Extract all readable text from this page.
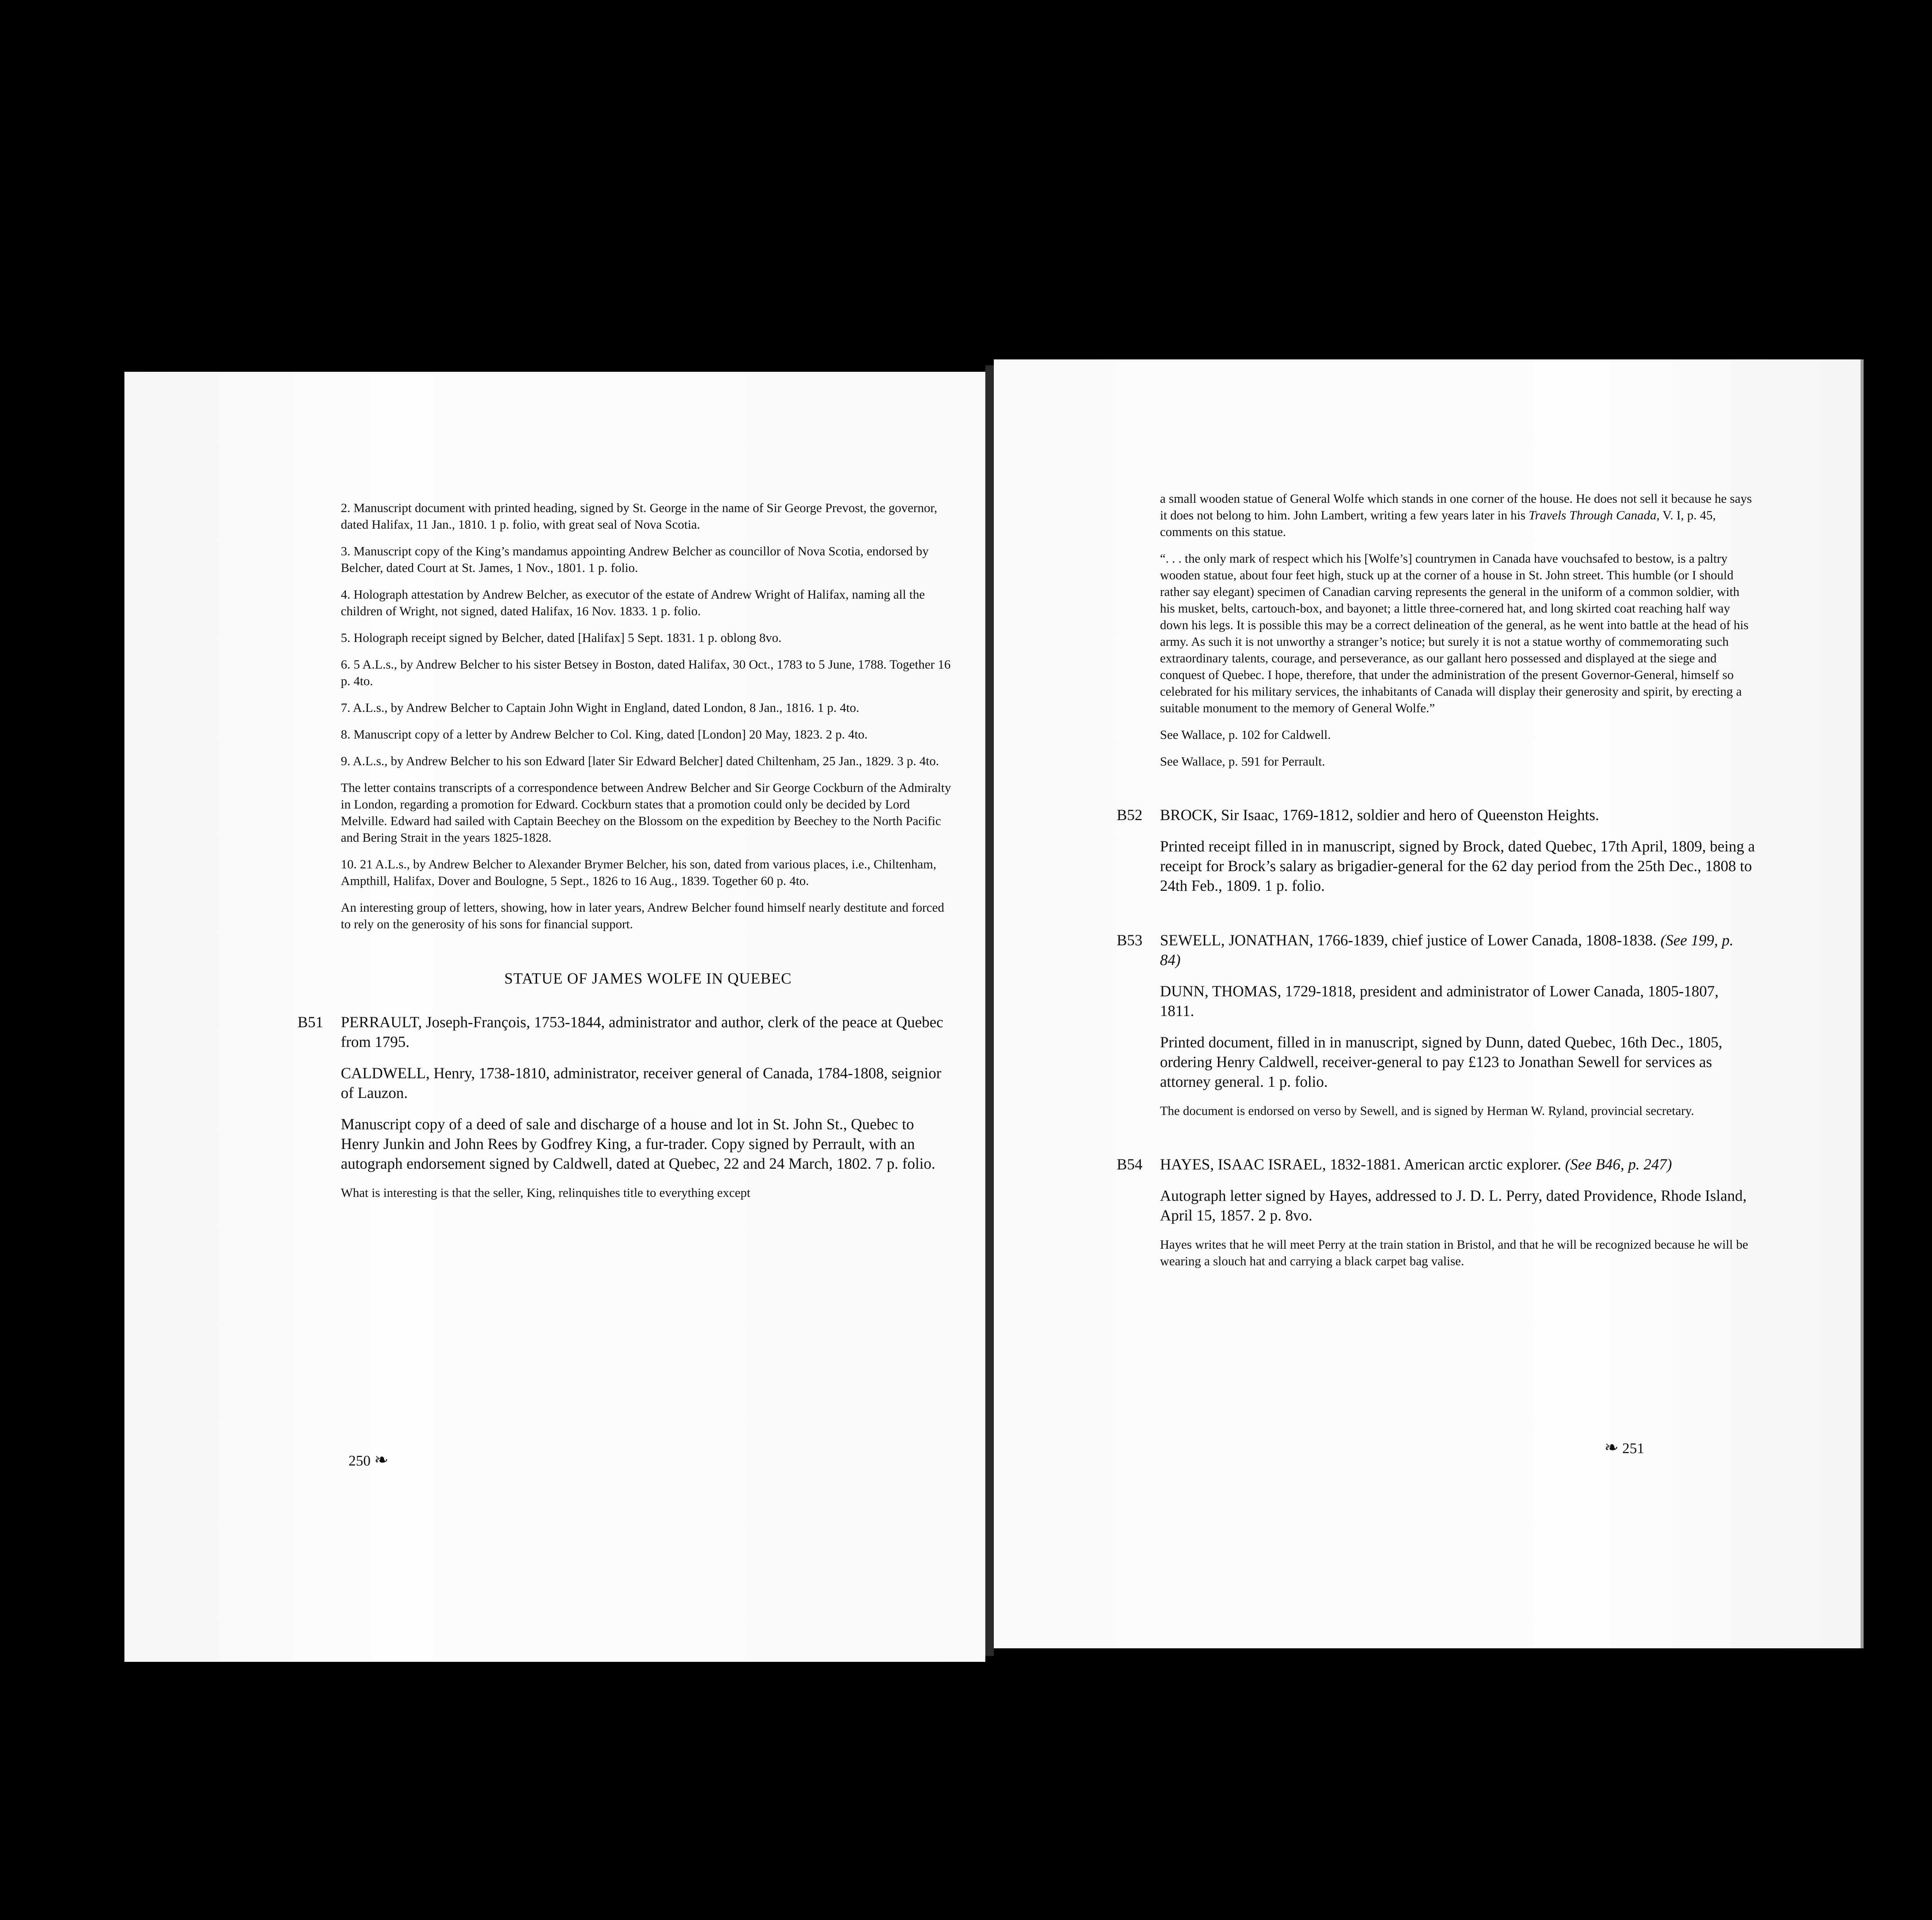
2. Manuscript document with printed heading, signed by St. George in the name of Sir George Prevost, the governor, dated Halifax, 11 Jan., 1810. 1 p. folio, with great seal of Nova Scotia.

3. Manuscript copy of the King’s mandamus appointing Andrew Belcher as councillor of Nova Scotia, endorsed by Belcher, dated Court at St. James, 1 Nov., 1801. 1 p. folio.

4. Holograph attestation by Andrew Belcher, as executor of the estate of Andrew Wright of Halifax, naming all the children of Wright, not signed, dated Halifax, 16 Nov. 1833. 1 p. folio.

5. Holograph receipt signed by Belcher, dated [Halifax] 5 Sept. 1831. 1 p. oblong 8vo.

6. 5 A.L.s., by Andrew Belcher to his sister Betsey in Boston, dated Halifax, 30 Oct., 1783 to 5 June, 1788. Together 16 p. 4to.

7. A.L.s., by Andrew Belcher to Captain John Wight in England, dated London, 8 Jan., 1816. 1 p. 4to.

8. Manuscript copy of a letter by Andrew Belcher to Col. King, dated [London] 20 May, 1823. 2 p. 4to.

9. A.L.s., by Andrew Belcher to his son Edward [later Sir Edward Belcher] dated Chiltenham, 25 Jan., 1829. 3 p. 4to.

The letter contains transcripts of a correspondence between Andrew Belcher and Sir George Cockburn of the Admiralty in London, regarding a promotion for Edward. Cockburn states that a promotion could only be decided by Lord Melville. Edward had sailed with Captain Beechey on the Blossom on the expedition by Beechey to the North Pacific and Bering Strait in the years 1825-1828.

10. 21 A.L.s., by Andrew Belcher to Alexander Brymer Belcher, his son, dated from various places, i.e., Chiltenham, Ampthill, Halifax, Dover and Boulogne, 5 Sept., 1826 to 16 Aug., 1839. Together 60 p. 4to.

An interesting group of letters, showing, how in later years, Andrew Belcher found himself nearly destitute and forced to rely on the generosity of his sons for financial support.

STATUE OF JAMES WOLFE IN QUEBEC
B51 PERRAULT, Joseph-François, 1753-1844, administrator and author, clerk of the peace at Quebec from 1795.

CALDWELL, Henry, 1738-1810, administrator, receiver general of Canada, 1784-1808, seignior of Lauzon.

Manuscript copy of a deed of sale and discharge of a house and lot in St. John St., Quebec to Henry Junkin and John Rees by Godfrey King, a fur-trader. Copy signed by Perrault, with an autograph endorsement signed by Caldwell, dated at Quebec, 22 and 24 March, 1802. 7 p. folio.

What is interesting is that the seller, King, relinquishes title to everything except

250 ❧

a small wooden statue of General Wolfe which stands in one corner of the house. He does not sell it because he says it does not belong to him. John Lambert, writing a few years later in his Travels Through Canada, V. I, p. 45, comments on this statue.

“. . . the only mark of respect which his [Wolfe’s] countrymen in Canada have vouchsafed to bestow, is a paltry wooden statue, about four feet high, stuck up at the corner of a house in St. John street. This humble (or I should rather say elegant) specimen of Canadian carving represents the general in the uniform of a common soldier, with his musket, belts, cartouch-box, and bayonet; a little three-cornered hat, and long skirted coat reaching half way down his legs. It is possible this may be a correct delineation of the general, as he went into battle at the head of his army. As such it is not unworthy a stranger’s notice; but surely it is not a statue worthy of commemorating such extraordinary talents, courage, and perseverance, as our gallant hero possessed and displayed at the siege and conquest of Quebec. I hope, therefore, that under the administration of the present Governor-General, himself so celebrated for his military services, the inhabitants of Canada will display their generosity and spirit, by erecting a suitable monument to the memory of General Wolfe.”

See Wallace, p. 102 for Caldwell.

See Wallace, p. 591 for Perrault.

B52 BROCK, Sir Isaac, 1769-1812, soldier and hero of Queenston Heights.

Printed receipt filled in in manuscript, signed by Brock, dated Quebec, 17th April, 1809, being a receipt for Brock’s salary as brigadier-general for the 62 day period from the 25th Dec., 1808 to 24th Feb., 1809. 1 p. folio.

B53 SEWELL, JONATHAN, 1766-1839, chief justice of Lower Canada, 1808-1838. (See 199, p. 84)

DUNN, THOMAS, 1729-1818, president and administrator of Lower Canada, 1805-1807, 1811.

Printed document, filled in in manuscript, signed by Dunn, dated Quebec, 16th Dec., 1805, ordering Henry Caldwell, receiver-general to pay £123 to Jonathan Sewell for services as attorney general. 1 p. folio.

The document is endorsed on verso by Sewell, and is signed by Herman W. Ryland, provincial secretary.

B54 HAYES, ISAAC ISRAEL, 1832-1881. American arctic explorer. (See B46, p. 247)

Autograph letter signed by Hayes, addressed to J. D. L. Perry, dated Providence, Rhode Island, April 15, 1857. 2 p. 8vo.

Hayes writes that he will meet Perry at the train station in Bristol, and that he will be recognized because he will be wearing a slouch hat and carrying a black carpet bag valise.

❧ 251
